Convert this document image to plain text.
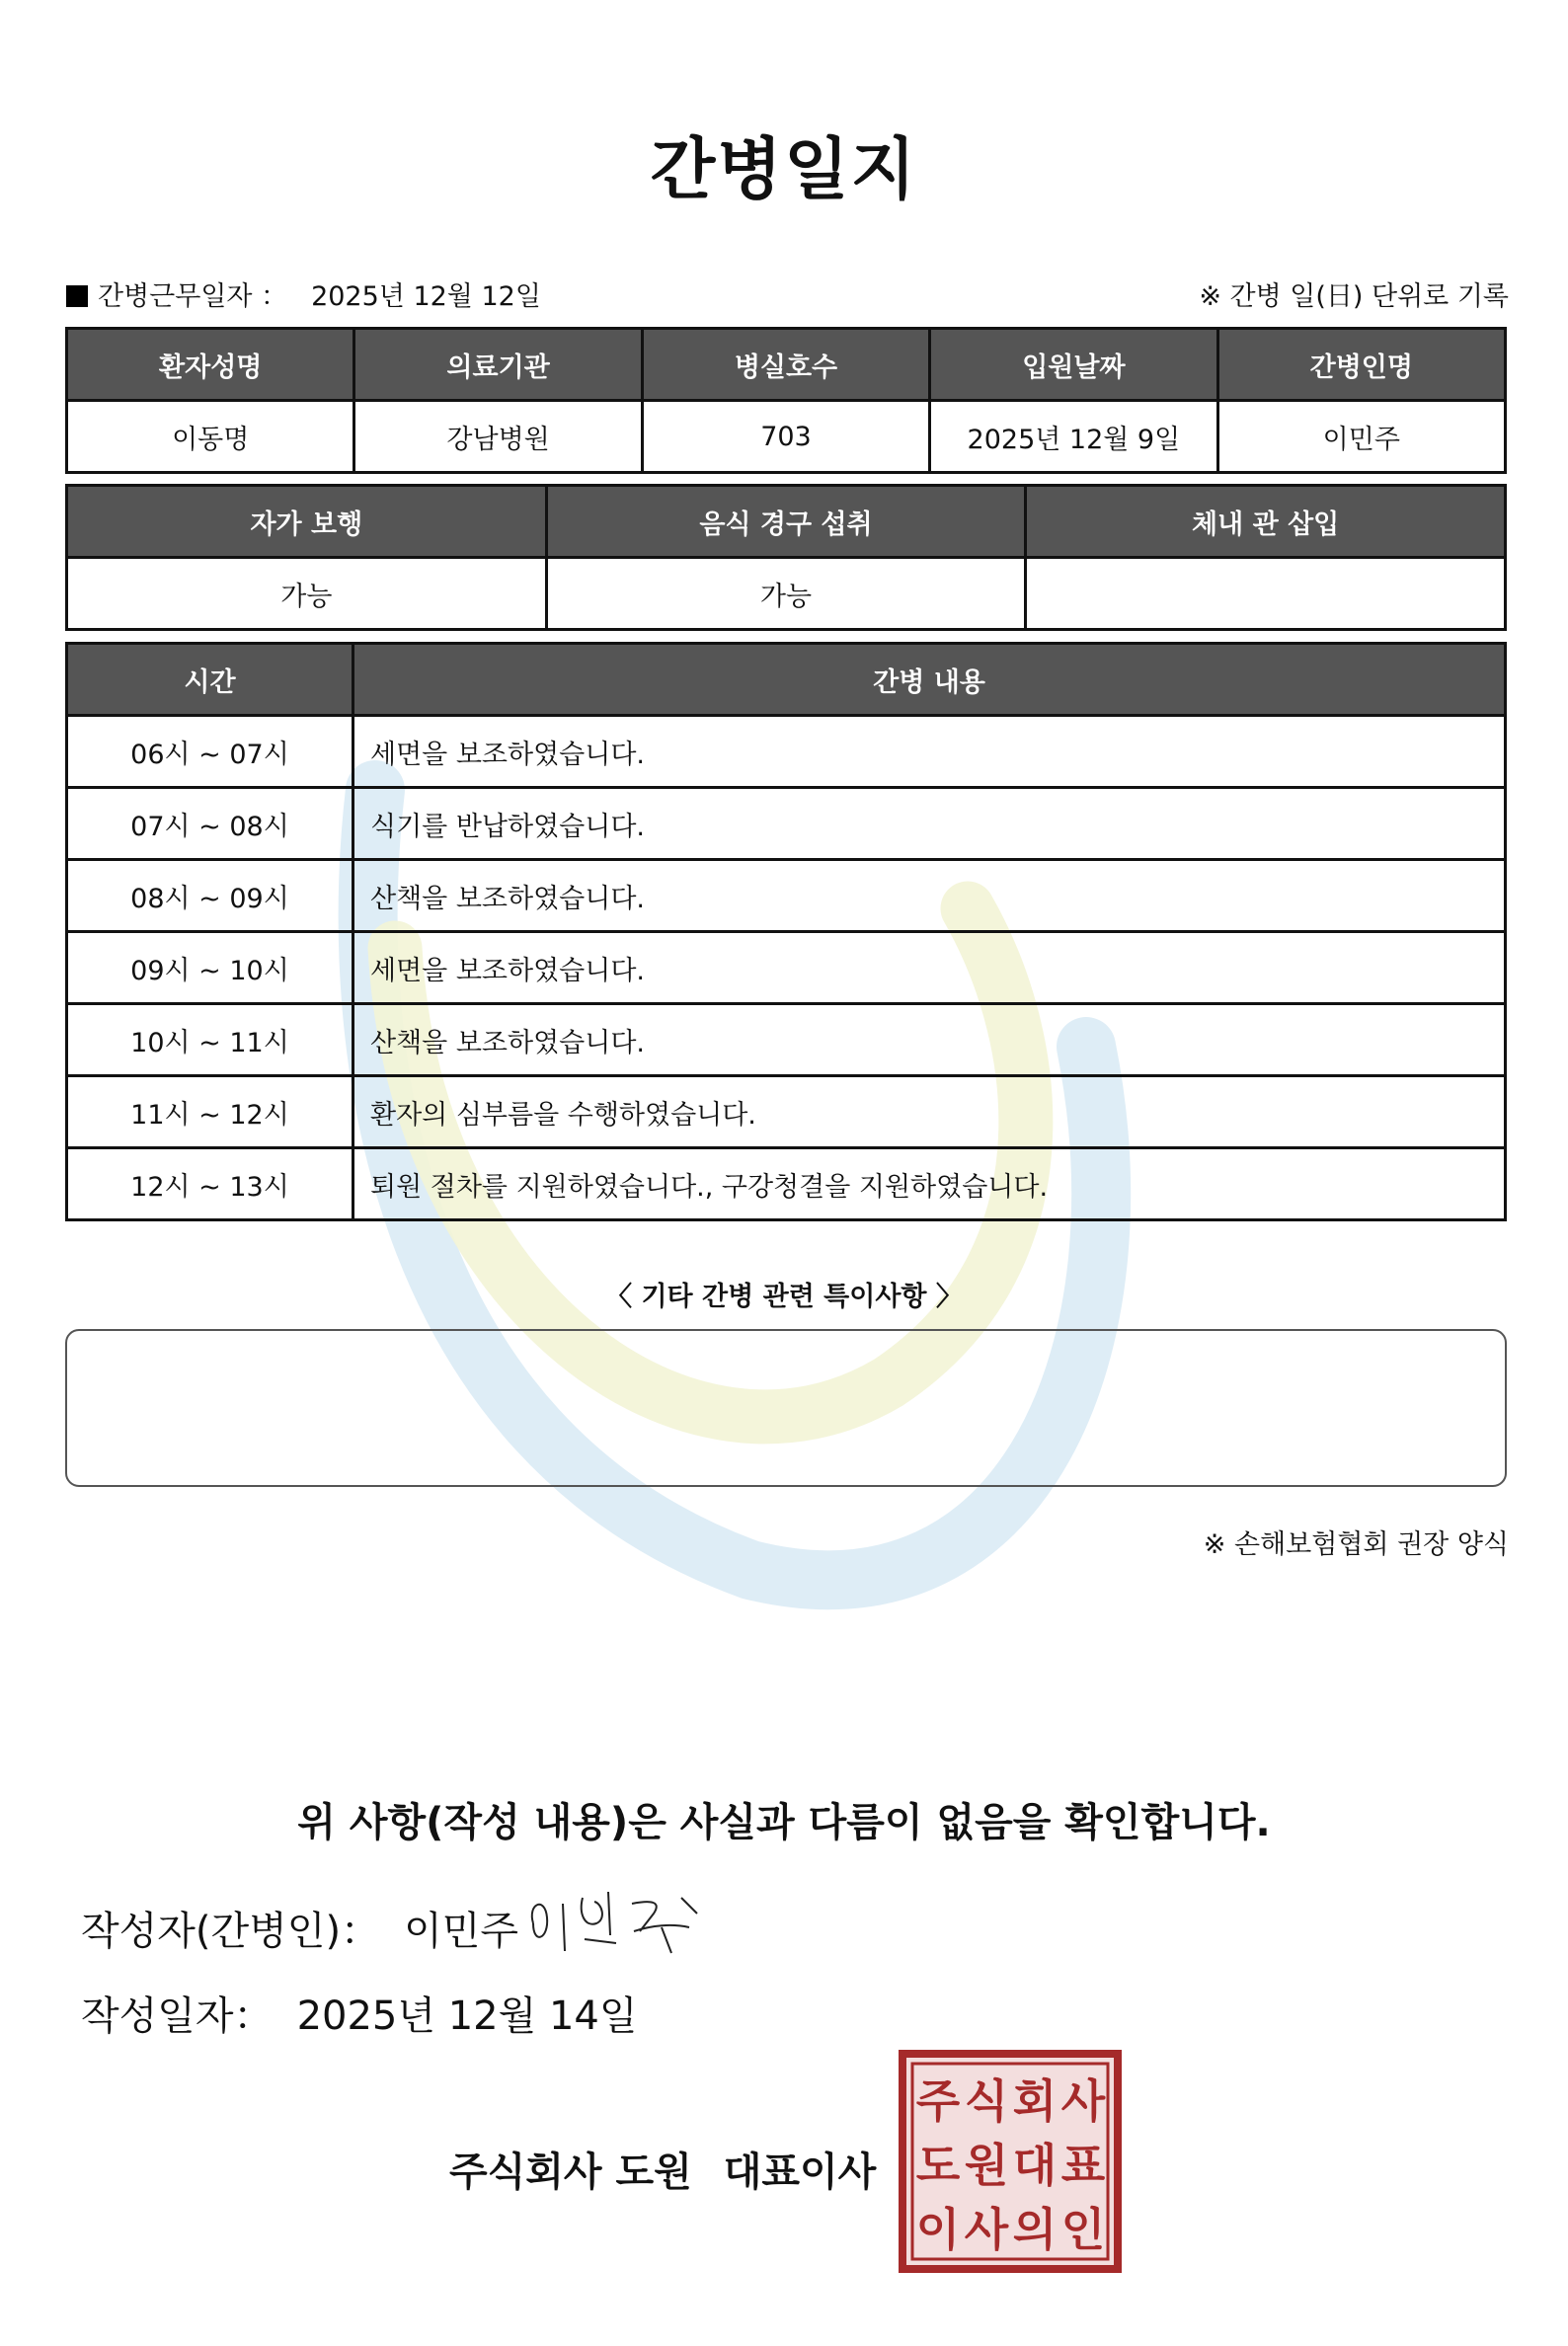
간병일지
간병근무일자 ： 2025년 12월 12일	※ 간병 일(日) 단위로 기록
환자성명	의료기관	병실호수	입원날짜	간병인명
이동명	강남병원	703	2025년 12월 9일	이민주
자가 보행	음식 경구 섭취	체내 관 삽입
가능	가능	
시간	간병 내용
06시 ~ 07시	세면을 보조하였습니다.
07시 ~ 08시	식기를 반납하였습니다.
08시 ~ 09시	산책을 보조하였습니다.
09시 ~ 10시	세면을 보조하였습니다.
10시 ~ 11시	산책을 보조하였습니다.
11시 ~ 12시	환자의 심부름을 수행하였습니다.
12시 ~ 13시	퇴원 절차를 지원하였습니다., 구강청결을 지원하였습니다.
〈 기타 간병 관련 특이사항 〉
※ 손해보험협회 권장 양식
위 사항(작성 내용)은 사실과 다름이 없음을 확인합니다.
작성자(간병인)： 이민주
작성일자： 2025년 12월 14일
주식회사 도원 대표이사
주 식 회 사
도 원 대 표
이 사 의 인
